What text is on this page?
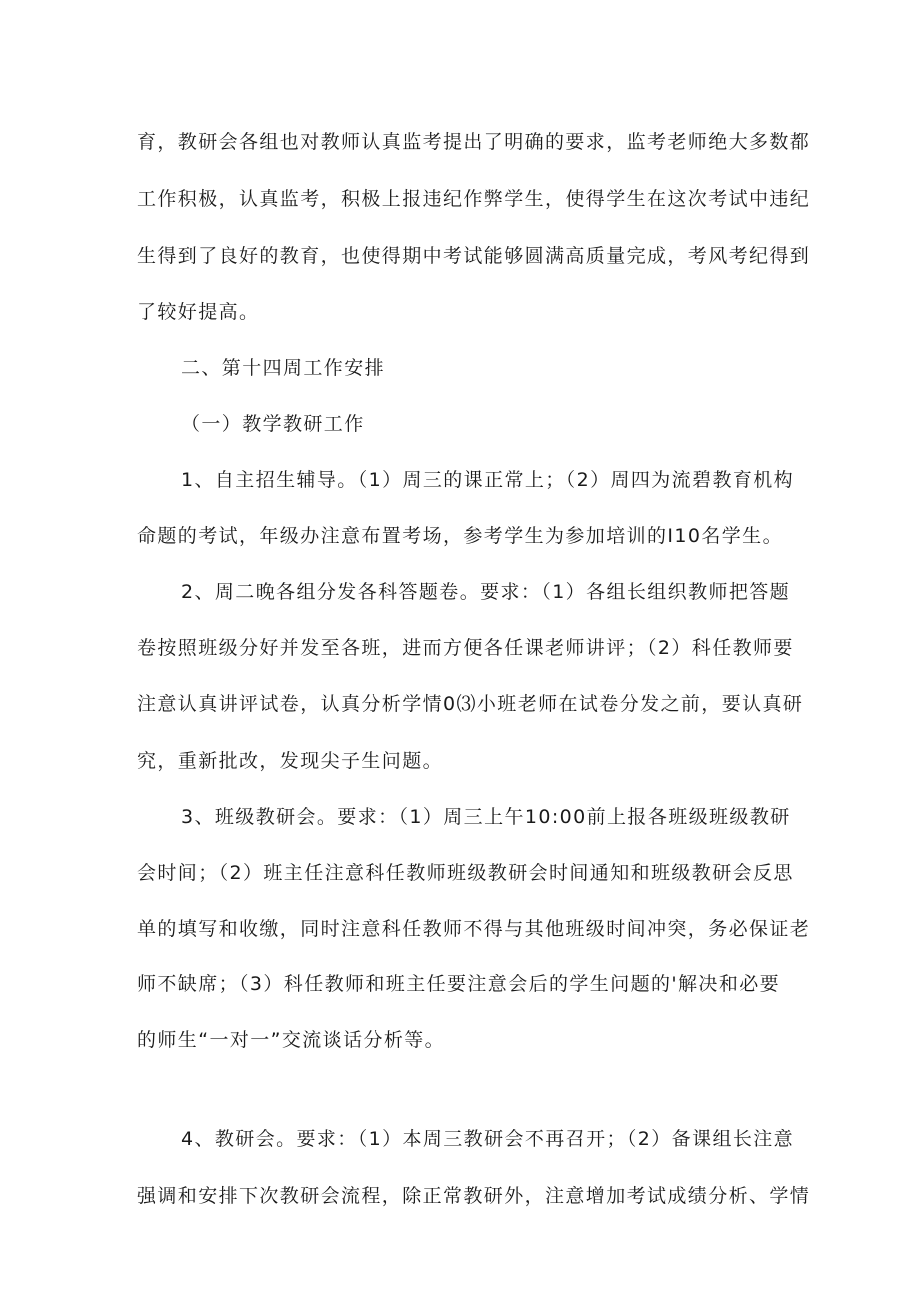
育，教研会各组也对教师认真监考提出了明确的要求，监考老师绝大多数都
工作积极，认真监考，积极上报违纪作弊学生，使得学生在这次考试中违纪
生得到了良好的教育，也使得期中考试能够圆满高质量完成，考风考纪得到
了较好提高。
二、第十四周工作安排
（一）教学教研工作
1、自主招生辅导。（1）周三的课正常上；（2）周四为流碧教育机构
命题的考试，年级办注意布置考场，参考学生为参加培训的I10名学生。
2、周二晚各组分发各科答题卷。要求：（1）各组长组织教师把答题
卷按照班级分好并发至各班，进而方便各任课老师讲评；（2）科任教师要
注意认真讲评试卷，认真分析学情0⑶小班老师在试卷分发之前，要认真研
究，重新批改，发现尖子生问题。
3、班级教研会。要求：（1）周三上午10:00前上报各班级班级教研
会时间；（2）班主任注意科任教师班级教研会时间通知和班级教研会反思
单的填写和收缴，同时注意科任教师不得与其他班级时间冲突，务必保证老
师不缺席；（3）科任教师和班主任要注意会后的学生问题的'解决和必要
的师生“一对一”交流谈话分析等。
4、教研会。要求：（1）本周三教研会不再召开；（2）备课组长注意
强调和安排下次教研会流程，除正常教研外，注意增加考试成绩分析、学情
